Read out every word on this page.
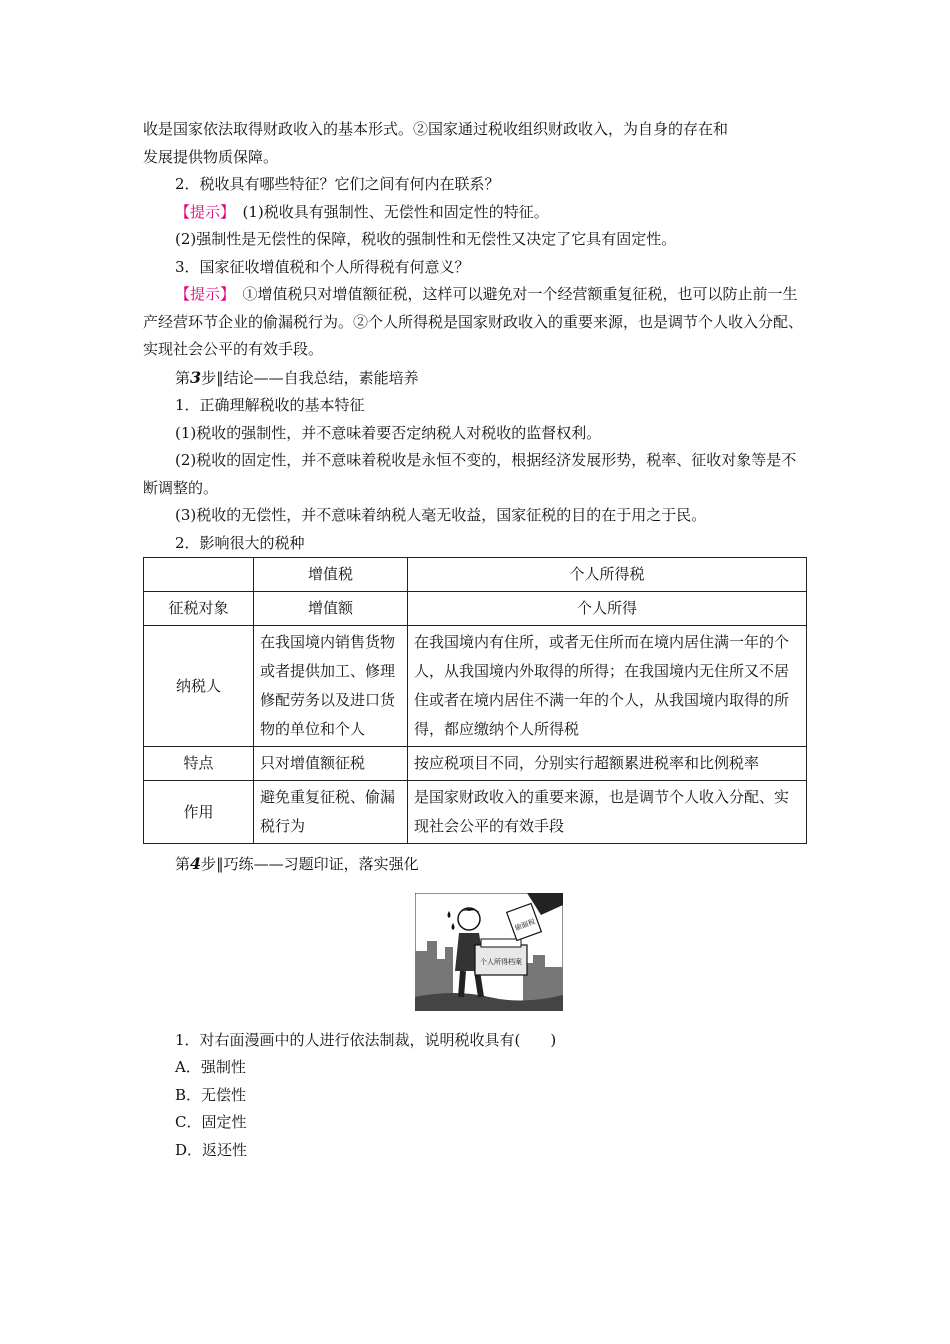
收是国家依法取得财政收入的基本形式。②国家通过税收组织财政收入，为自身的存在和

发展提供物质保障。

2．税收具有哪些特征？它们之间有何内在联系？

【提示】　(1)税收具有强制性、无偿性和固定性的特征。

(2)强制性是无偿性的保障，税收的强制性和无偿性又决定了它具有固定性。

3．国家征收增值税和个人所得税有何意义？

【提示】　①增值税只对增值额征税，这样可以避免对一个经营额重复征税，也可以防止前一生产经营环节企业的偷漏税行为。②个人所得税是国家财政收入的重要来源，也是调节个人收入分配、实现社会公平的有效手段。

第3步‖结论——自我总结，素能培养

1．正确理解税收的基本特征

(1)税收的强制性，并不意味着要否定纳税人对税收的监督权利。

(2)税收的固定性，并不意味着税收是永恒不变的，根据经济发展形势，税率、征收对象等是不断调整的。

(3)税收的无偿性，并不意味着纳税人毫无收益，国家征税的目的在于用之于民。

2．影响很大的税种

	增值税	个人所得税
征税对象	增值额	个人所得
纳税人	在我国境内销售货物或者提供加工、修理修配劳务以及进口货物的单位和个人	在我国境内有住所，或者无住所而在境内居住满一年的个人，从我国境内外取得的所得；在我国境内无住所又不居住或者在境内居住不满一年的个人，从我国境内取得的所得，都应缴纳个人所得税
特点	只对增值额征税	按应税项目不同，分别实行超额累进税率和比例税率
作用	避免重复征税、偷漏税行为	是国家财政收入的重要来源，也是调节个人收入分配、实现社会公平的有效手段

第4步‖巧练——习题印证，落实强化

个人所得档案
偷漏税

1．对右面漫画中的人进行依法制裁，说明税收具有(　　)

A．强制性

B．无偿性

C．固定性

D．返还性
